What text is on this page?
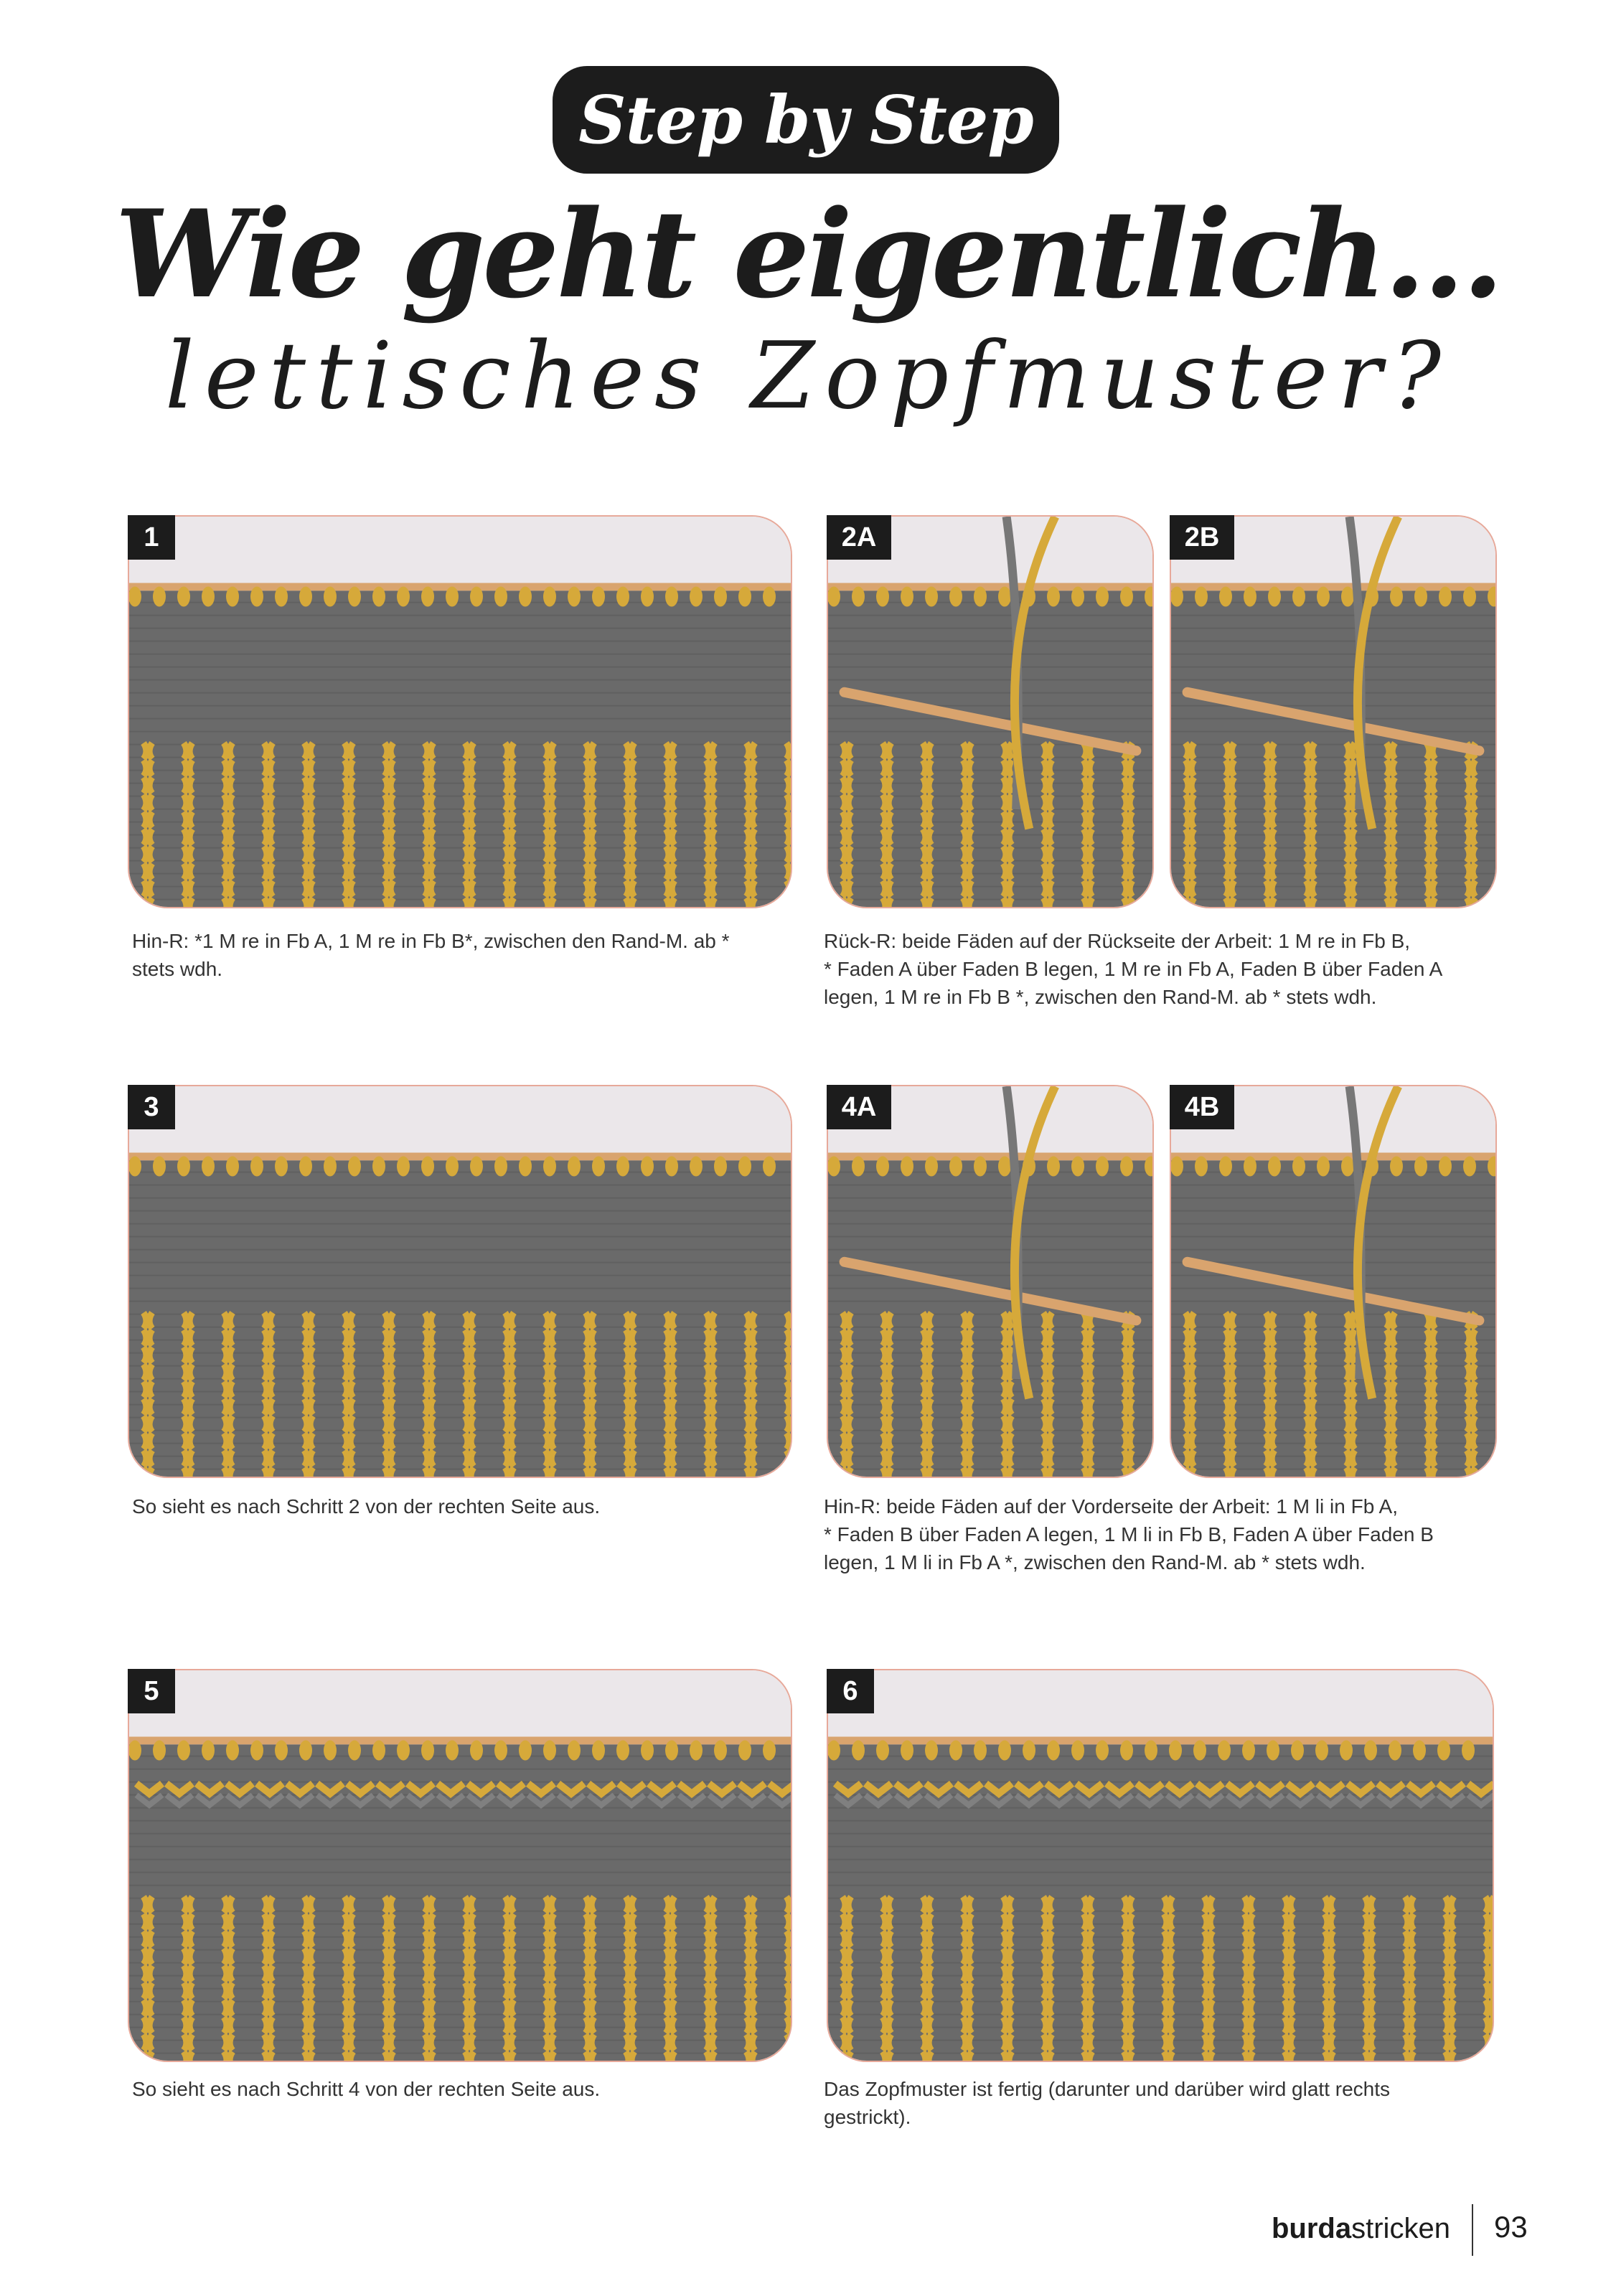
Step by Step
Wie geht eigentlich...
lettisches Zopfmuster?
1
Hin-R: *1 M re in Fb A, 1 M re in Fb B*, zwischen den Rand-M. ab *
stets wdh.
2A	2B
Rück-R: beide Fäden auf der Rückseite der Arbeit: 1 M re in Fb B,
* Faden A über Faden B legen, 1 M re in Fb A, Faden B über Faden A
legen, 1 M re in Fb B *, zwischen den Rand-M. ab * stets wdh.
3
So sieht es nach Schritt 2 von der rechten Seite aus.
4A	4B
Hin-R: beide Fäden auf der Vorderseite der Arbeit: 1 M li in Fb A,
* Faden B über Faden A legen, 1 M li in Fb B, Faden A über Faden B
legen, 1 M li in Fb A *, zwischen den Rand-M. ab * stets wdh.
5
So sieht es nach Schritt 4 von der rechten Seite aus.
6
Das Zopfmuster ist fertig (darunter und darüber wird glatt rechts
gestrickt).
burdastricken 93
